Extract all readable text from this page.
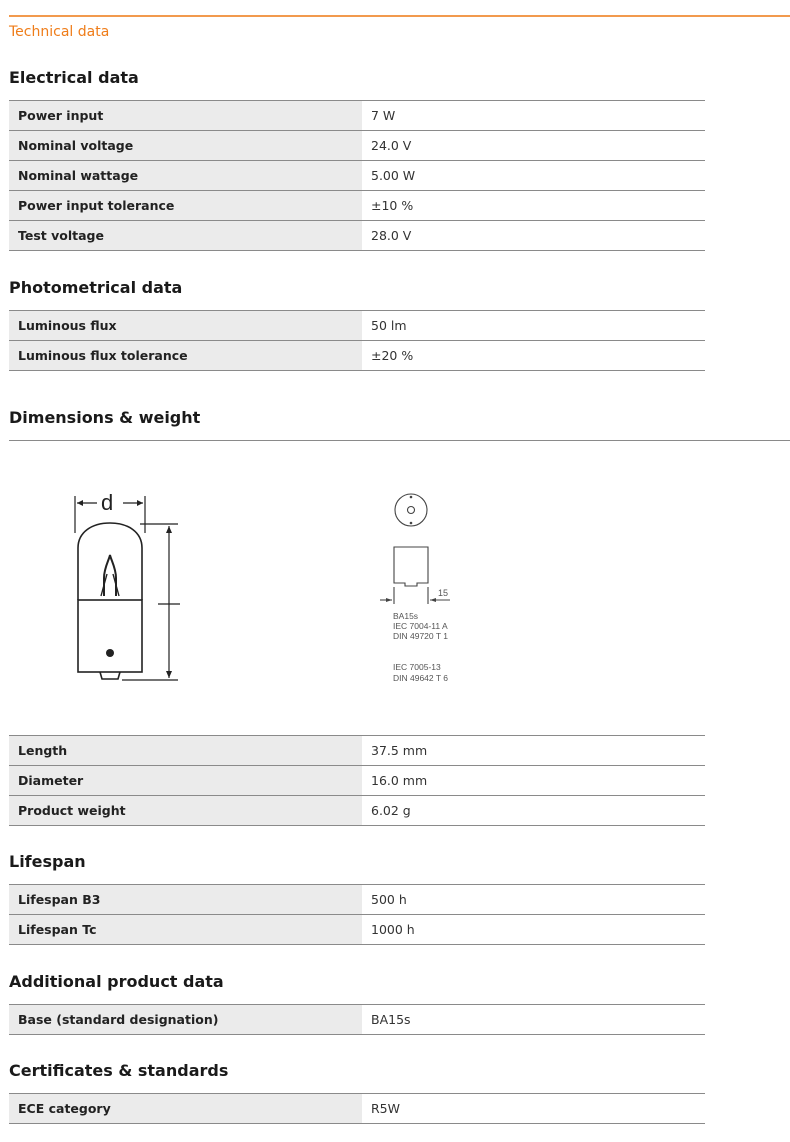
Technical data
Electrical data
Power input	7 W
Nominal voltage	24.0 V
Nominal wattage	5.00 W
Power input tolerance	±10 %
Test voltage	28.0 V
Photometrical data
Luminous flux	50 lm
Luminous flux tolerance	±20 %
Dimensions & weight
d
15
BA15s
IEC 7004-11 A
DIN 49720 T 1
IEC 7005-13
DIN 49642 T 6
Length	37.5 mm
Diameter	16.0 mm
Product weight	6.02 g
Lifespan
Lifespan B3	500 h
Lifespan Tc	1000 h
Additional product data
Base (standard designation)	BA15s
Certificates & standards
ECE category	R5W
